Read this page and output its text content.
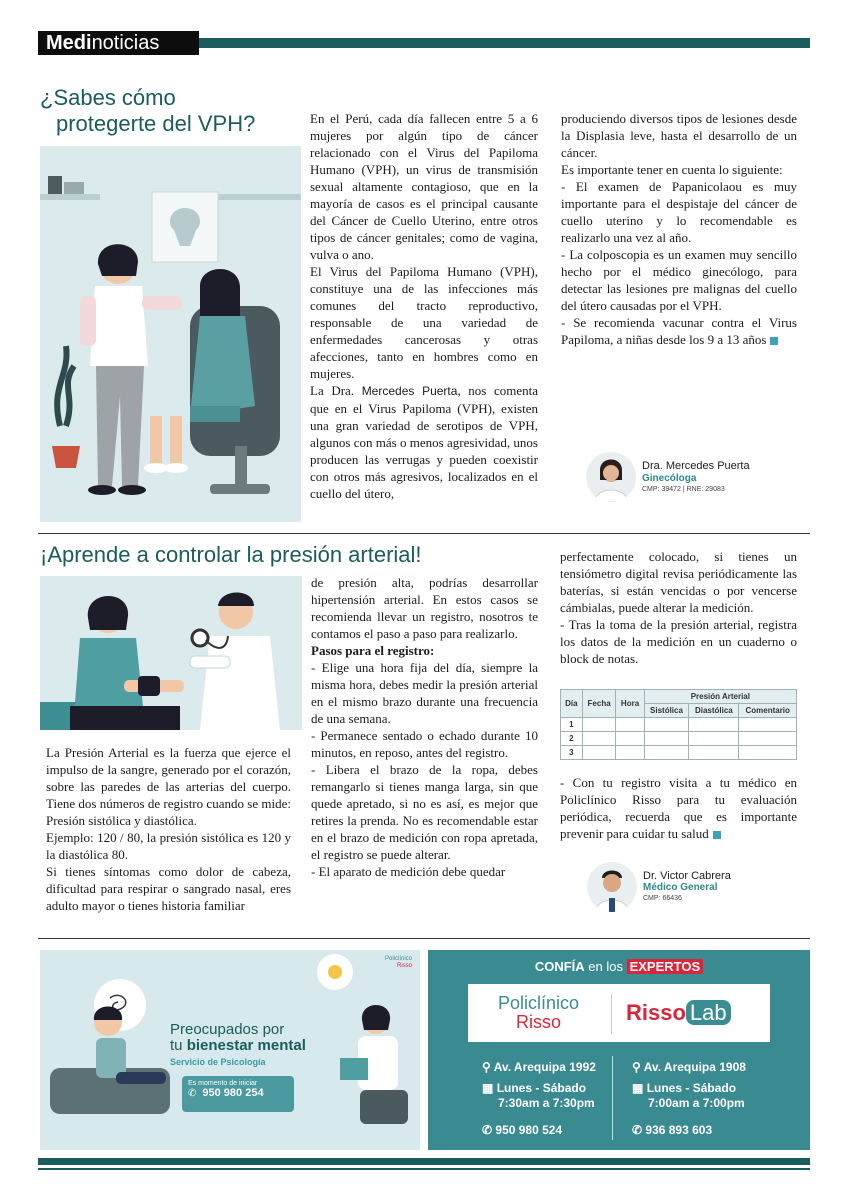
Medinoticias
¿Sabes cómo
protegerte del VPH?	En el Perú, cada día fallecen entre 5 a 6 mujeres por algún tipo de cáncer relacionado con el Virus del Papiloma Humano (VPH), un virus de transmisión sexual altamente contagioso, que en la mayoría de casos es el principal causante del Cáncer de Cuello Uterino, entre otros tipos de cáncer genitales; como de vagina, vulva o ano.

El Virus del Papiloma Humano (VPH), constituye una de las infecciones más comunes del tracto reproductivo, responsable de una variedad de enfermedades cancerosas y otras afecciones, tanto en hombres como en mujeres.

La Dra. Mercedes Puerta, nos comenta que en el Virus Papiloma (VPH), existen una gran variedad de serotipos de VPH, algunos con más o menos agresividad, unos producen las verrugas y pueden coexistir con otros más agresivos, localizados en el cuello del útero,

produciendo diversos tipos de lesiones desde la Displasia leve, hasta el desarrollo de un cáncer.

Es importante tener en cuenta lo siguiente:

- El examen de Papanicolaou es muy importante para el despistaje del cáncer de cuello uterino y lo recomendable es realizarlo una vez al año.

- La colposcopia es un examen muy sencillo hecho por el médico ginecólogo, para detectar las lesiones pre malignas del cuello del útero causadas por el VPH.

- Se recomienda vacunar contra el Virus Papiloma, a niñas desde los 9 a 13 años

Dra. Mercedes Puerta
Ginecóloga
CMP: 39472 | RNE: 29083
¡Aprende a controlar la presión arterial!

La Presión Arterial es la fuerza que ejerce el impulso de la sangre, generado por el corazón, sobre las paredes de las arterias del cuerpo. Tiene dos números de registro cuando se mide: Presión sistólica y diastólica.

Ejemplo: 120 / 80, la presión sistólica es 120 y la diastólica 80.

Si tienes síntomas como dolor de cabeza, dificultad para respirar o sangrado nasal, eres adulto mayor o tienes historia familiar

de presión alta, podrías desarrollar hipertensión arterial. En estos casos se recomienda llevar un registro, nosotros te contamos el paso a paso para realizarlo.

Pasos para el registro:

- Elige una hora fija del día, siempre la misma hora, debes medir la presión arterial en el mismo brazo durante una frecuencia de una semana.

- Permanece sentado o echado durante 10 minutos, en reposo, antes del registro.

- Libera el brazo de la ropa, debes remangarlo si tienes manga larga, sin que quede apretado, si no es así, es mejor que retires la prenda. No es recomendable estar en el brazo de medición con ropa apretada, el registro se puede alterar.

- El aparato de medición debe quedar

perfectamente colocado, si tienes un tensiómetro digital revisa periódicamente las baterías, si están vencidas o por vencerse cámbialas, puede alterar la medición.

- Tras la toma de la presión arterial, registra los datos de la medición en un cuaderno o block de notas.

Día	Fecha	Hora	Presión Arterial		
			Sistólica	Diastólica	Comentario
1					
2					
3					

- Con tu registro visita a tu médico en Policlínico Risso para tu evaluación periódica, recuerda que es importante prevenir para cuidar tu salud

Dr. Victor Cabrera
Médico General
CMP: 66436
Policlínico
Risso
Preocupados por
tu bienestar mental
Servicio de Psicología
Es momento de iniciar
✆ 950 980 254
CONFÍA en los EXPERTOS
Policlínico
Risso	Risso Lab
⚲ Av. Arequipa 1992
▦ Lunes - Sábado
7:30am a 7:30pm
✆ 950 980 524
⚲ Av. Arequipa 1908
▦ Lunes - Sábado
7:00am a 7:00pm
✆ 936 893 603
